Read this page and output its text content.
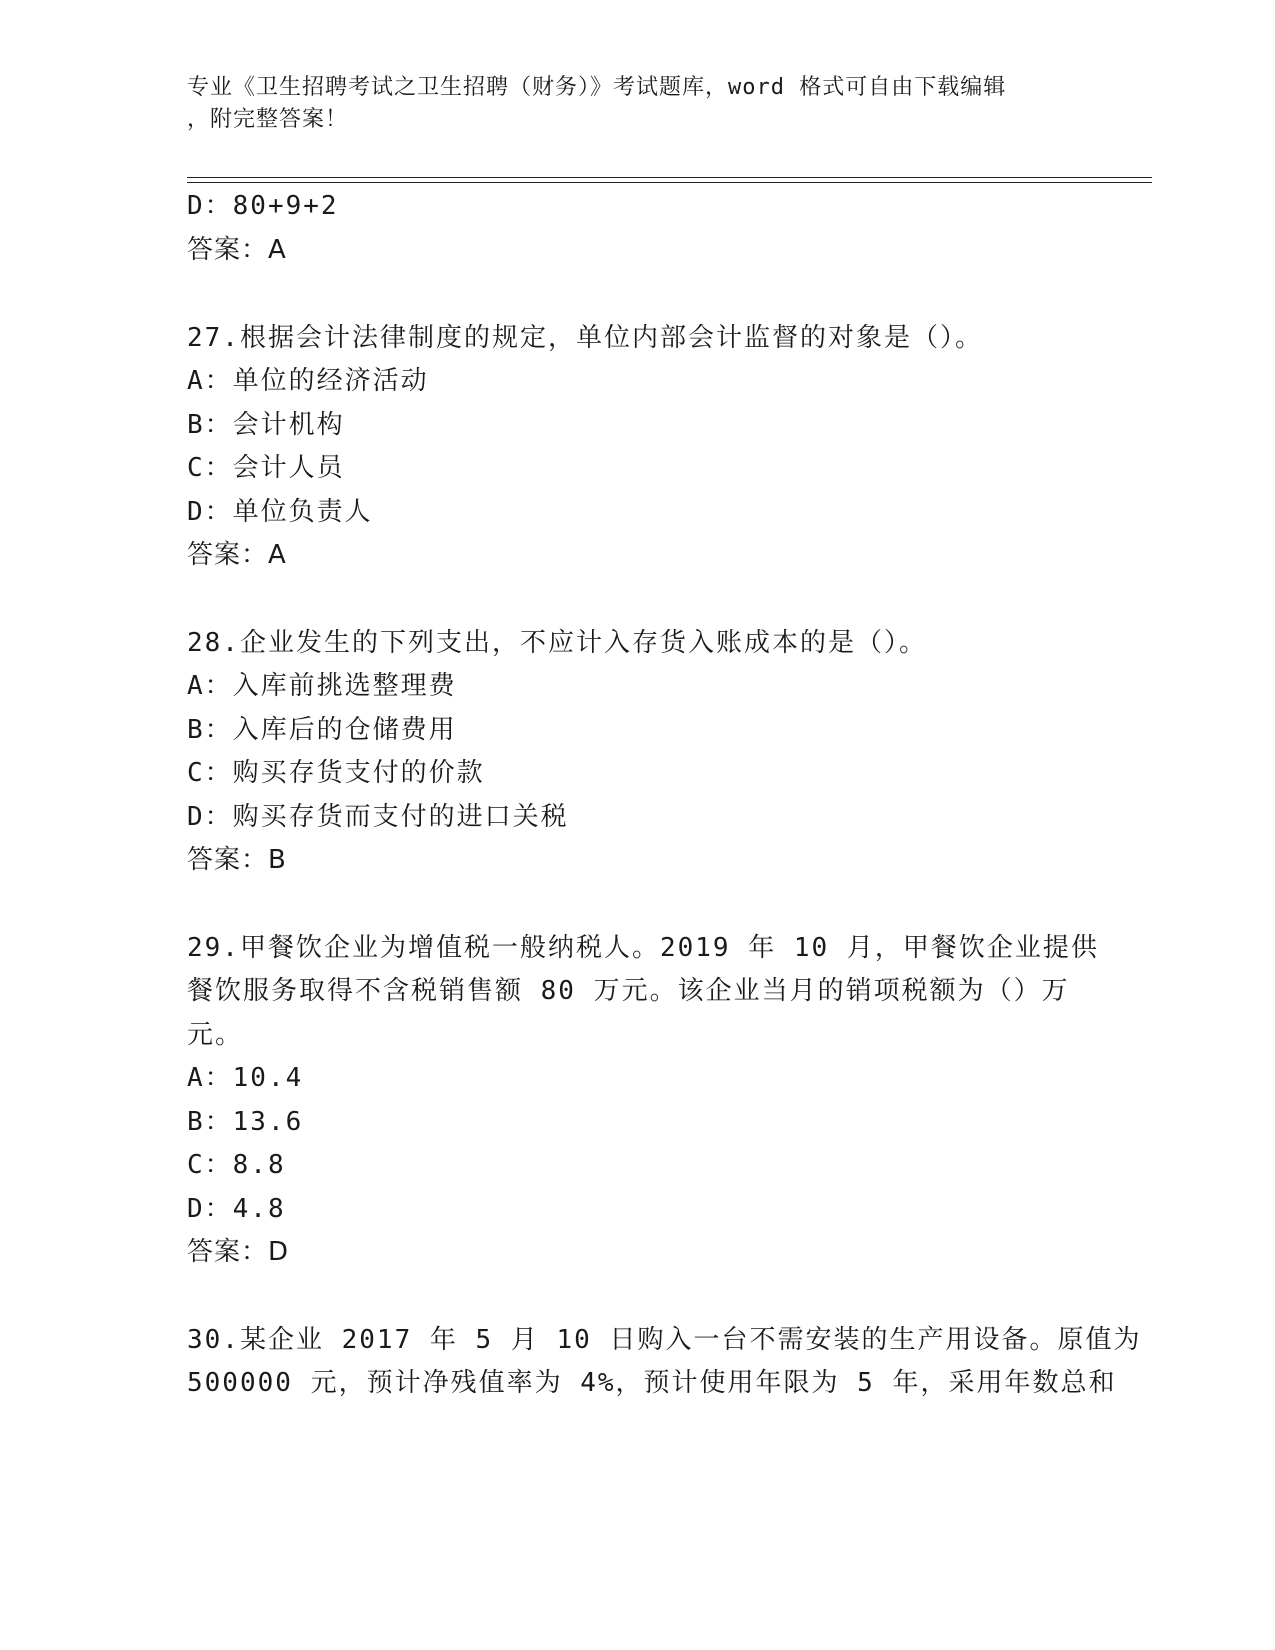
专业《卫生招聘考试之卫生招聘（财务）》考试题库，word 格式可自由下载编辑
，附完整答案！
D：80+9+2
答案：A
27.根据会计法律制度的规定，单位内部会计监督的对象是（）。
A：单位的经济活动
B：会计机构
C：会计人员
D：单位负责人
答案：A
28.企业发生的下列支出，不应计入存货入账成本的是（）。
A：入库前挑选整理费
B：入库后的仓储费用
C：购买存货支付的价款
D：购买存货而支付的进口关税
答案：B
29.甲餐饮企业为增值税一般纳税人。2019 年 10 月，甲餐饮企业提供
餐饮服务取得不含税销售额 80 万元。该企业当月的销项税额为（）万
元。
A：10.4
B：13.6
C：8.8
D：4.8
答案：D
30.某企业 2017 年 5 月 10 日购入一台不需安装的生产用设备。原值为
500000 元，预计净残值率为 4%，预计使用年限为 5 年，采用年数总和
